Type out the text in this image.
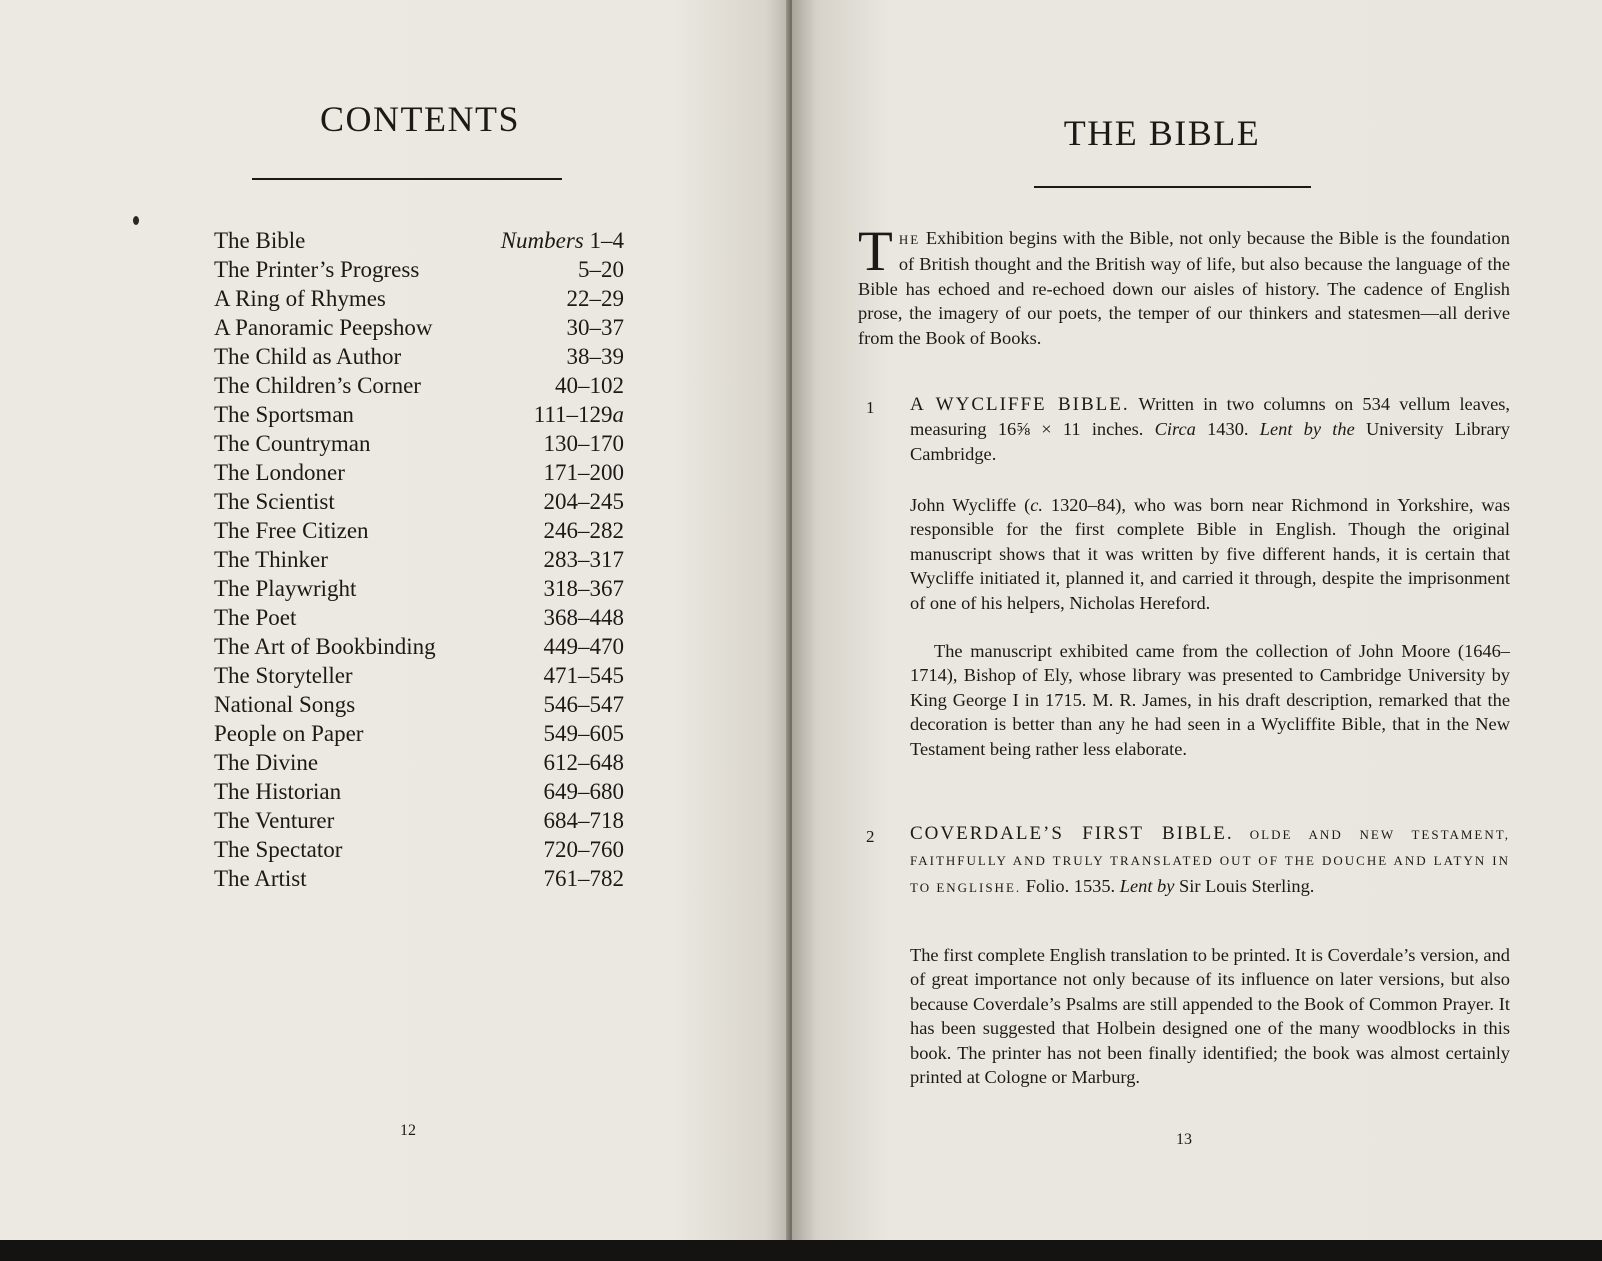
CONTENTS
The Bible	Numbers 1–4
The Printer’s Progress	5–20
A Ring of Rhymes	22–29
A Panoramic Peepshow	30–37
The Child as Author	38–39
The Children’s Corner	40–102
The Sportsman	111–129a
The Countryman	130–170
The Londoner	171–200
The Scientist	204–245
The Free Citizen	246–282
The Thinker	283–317
The Playwright	318–367
The Poet	368–448
The Art of Bookbinding	449–470
The Storyteller	471–545
National Songs	546–547
People on Paper	549–605
The Divine	612–648
The Historian	649–680
The Venturer	684–718
The Spectator	720–760
The Artist	761–782
12
THE BIBLE
THE Exhibition begins with the Bible, not only because the Bible is the foundation of British thought and the British way of life, but also because the language of the Bible has echoed and re-echoed down our aisles of history. The cadence of English prose, the imagery of our poets, the temper of our thinkers and statesmen—all derive from the Book of Books.
1 A WYCLIFFE BIBLE. Written in two columns on 534 vellum leaves, measuring 16⅝ × 11 inches. Circa 1430. Lent by the University Library Cambridge.
John Wycliffe (c. 1320–84), who was born near Richmond in Yorkshire, was responsible for the first complete Bible in English. Though the original manuscript shows that it was written by five different hands, it is certain that Wycliffe initiated it, planned it, and carried it through, despite the imprisonment of one of his helpers, Nicholas Hereford.
The manuscript exhibited came from the collection of John Moore (1646–1714), Bishop of Ely, whose library was presented to Cambridge University by King George I in 1715. M. R. James, in his draft description, remarked that the decoration is better than any he had seen in a Wycliffite Bible, that in the New Testament being rather less elaborate.
2 COVERDALE’S FIRST BIBLE. OLDE AND NEW TESTAMENT, FAITHFULLY AND TRULY TRANSLATED OUT OF THE DOUCHE AND LATYN IN TO ENGLISHE. Folio. 1535. Lent by Sir Louis Sterling.
The first complete English translation to be printed. It is Coverdale’s version, and of great importance not only because of its influence on later versions, but also because Coverdale’s Psalms are still appended to the Book of Common Prayer. It has been suggested that Holbein designed one of the many woodblocks in this book. The printer has not been finally identified; the book was almost certainly printed at Cologne or Marburg.
13
